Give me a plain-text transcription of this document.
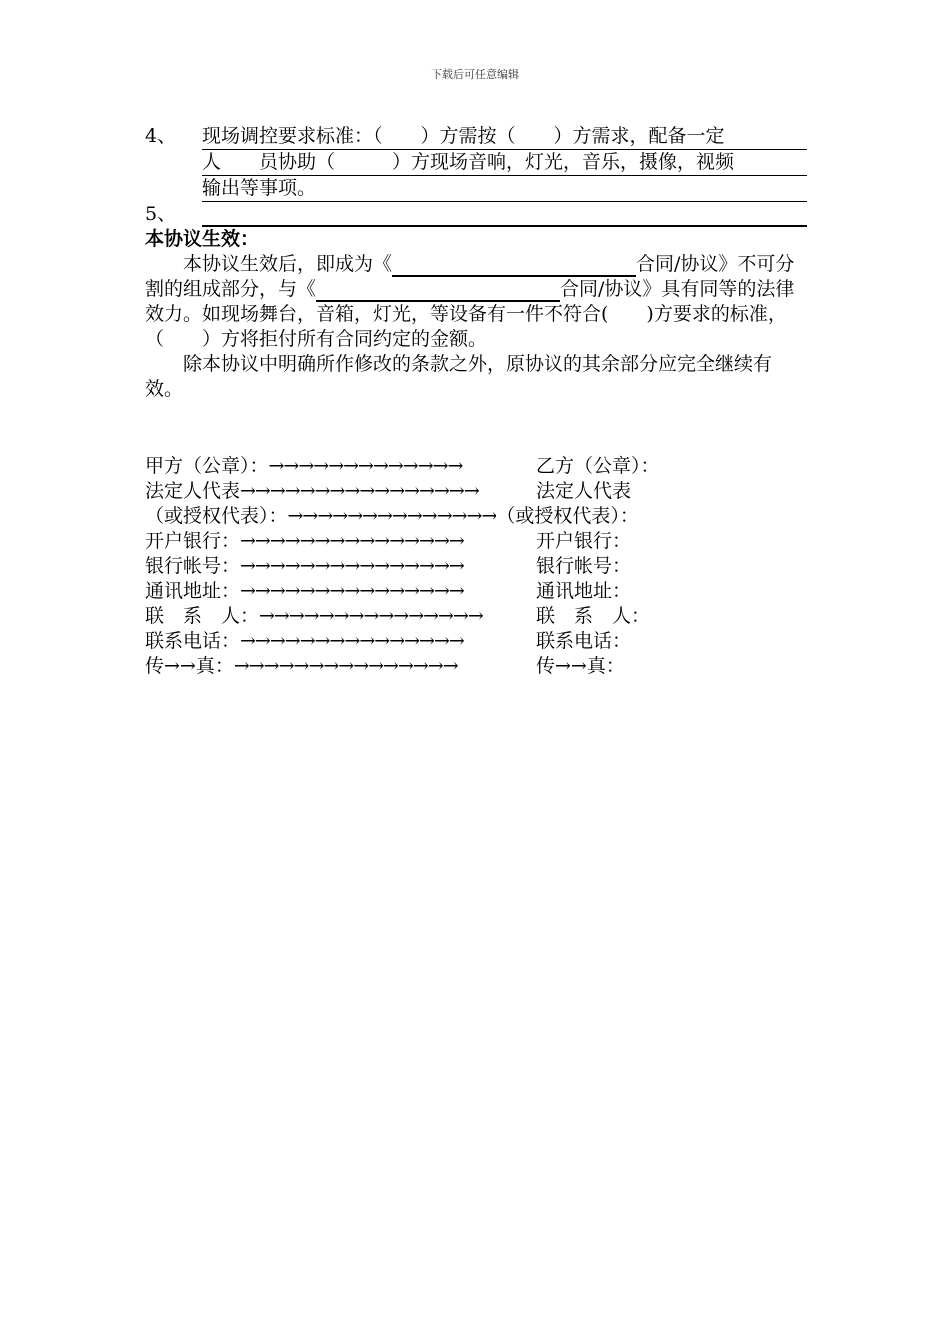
下载后可任意编辑
4、	现场调控要求标准：（　　）方需按（　　）方需求，配备一定
人　　员协助（　　　）方现场音响，灯光，音乐，摄像，视频
输出等事项。
5、
本协议生效：

本协议生效后，即成为《	合同/协议》不可分割的组成部分，与《	合同/协议》具有同等的法律效力。如现场舞台，音箱，灯光，等设备有一件不符合(　　)方要求的标准，（　　）方将拒付所有合同约定的金额。

除本协议中明确所作修改的条款之外，原协议的其余部分应完全继续有效。

甲方（公章）：→→→→→→→→→→→→→	乙方（公章）：
法定人代表→→→→→→→→→→→→→→→→	法定人代表
（或授权代表）：→→→→→→→→→→→→→→ （或授权代表）：
开户银行：→→→→→→→→→→→→→→→	开户银行：
银行帐号：→→→→→→→→→→→→→→→	银行帐号：
通讯地址：→→→→→→→→→→→→→→→	通讯地址：
联　系　人：→→→→→→→→→→→→→→→	联　系　人：
联系电话：→→→→→→→→→→→→→→→	联系电话：
传→→真：→→→→→→→→→→→→→→→	传→→真：
